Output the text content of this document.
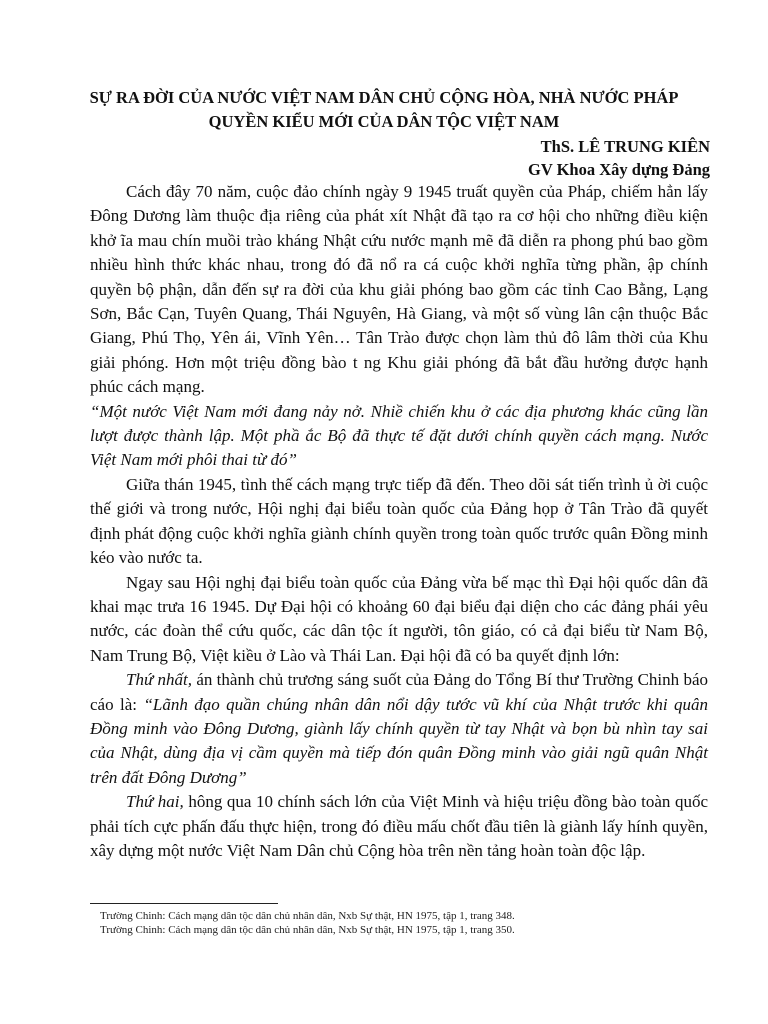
SỰ RA ĐỜI CỦA NƯỚC VIỆT NAM DÂN CHỦ CỘNG HÒA, NHÀ NƯỚC PHÁP
QUYỀN KIỂU MỚI CỦA DÂN TỘC VIỆT NAM
ThS. LÊ TRUNG KIÊN
GV Khoa Xây dựng Đảng

Cách đây 70 năm, cuộc đảo chính ngày 9 1945 truất quyền của Pháp, chiếm hẳn lấy Đông Dương làm thuộc địa riêng của phát xít Nhật đã tạo ra cơ hội cho những điều kiện khở ĩa mau chín muồi trào kháng Nhật cứu nước mạnh mẽ đã diễn ra phong phú bao gồm nhiều hình thức khác nhau, trong đó đã nổ ra cá cuộc khởi nghĩa từng phần, ập chính quyền bộ phận, dẫn đến sự ra đời của khu giải phóng bao gồm các tỉnh Cao Bằng, Lạng Sơn, Bắc Cạn, Tuyên Quang, Thái Nguyên, Hà Giang, và một số vùng lân cận thuộc Bắc Giang, Phú Thọ, Yên ái, Vĩnh Yên… Tân Trào được chọn làm thủ đô lâm thời của Khu giải phóng. Hơn một triệu đồng bào t ng Khu giải phóng đã bắt đầu hưởng được hạnh phúc cách mạng.

“Một nước Việt Nam mới đang nảy nở. Nhiề chiến khu ở các địa phương khác cũng lần lượt được thành lập. Một phầ ắc Bộ đã thực tế đặt dưới chính quyền cách mạng. Nước Việt Nam mới phôi thai từ đó”

Giữa thán 1945, tình thế cách mạng trực tiếp đã đến. Theo dõi sát tiến trình ủ ời cuộc thế giới và trong nước, Hội nghị đại biểu toàn quốc của Đảng họp ở Tân Trào đã quyết định phát động cuộc khởi nghĩa giành chính quyền trong toàn quốc trước quân Đồng minh kéo vào nước ta.

Ngay sau Hội nghị đại biểu toàn quốc của Đảng vừa bế mạc thì Đại hội quốc dân đã khai mạc trưa 16 1945. Dự Đại hội có khoảng 60 đại biểu đại diện cho các đảng phái yêu nước, các đoàn thể cứu quốc, các dân tộc ít người, tôn giáo, có cả đại biểu từ Nam Bộ, Nam Trung Bộ, Việt kiều ở Lào và Thái Lan. Đại hội đã có ba quyết định lớn:

Thứ nhất, án thành chủ trương sáng suốt của Đảng do Tổng Bí thư Trường Chinh báo cáo là: “Lãnh đạo quần chúng nhân dân nổi dậy tước vũ khí của Nhật trước khi quân Đồng minh vào Đông Dương, giành lấy chính quyền từ tay Nhật và bọn bù nhìn tay sai của Nhật, dùng địa vị cầm quyền mà tiếp đón quân Đồng minh vào giải ngũ quân Nhật trên đất Đông Dương”

Thứ hai, hông qua 10 chính sách lớn của Việt Minh và hiệu triệu đồng bào toàn quốc phải tích cực phấn đấu thực hiện, trong đó điều mấu chốt đầu tiên là giành lấy hính quyền, xây dựng một nước Việt Nam Dân chủ Cộng hòa trên nền tảng hoàn toàn độc lập.

Trường Chinh: Cách mạng dân tộc dân chủ nhân dân, Nxb Sự thật, HN 1975, tập 1, trang 348.
Trường Chinh: Cách mạng dân tộc dân chủ nhân dân, Nxb Sự thật, HN 1975, tập 1, trang 350.
